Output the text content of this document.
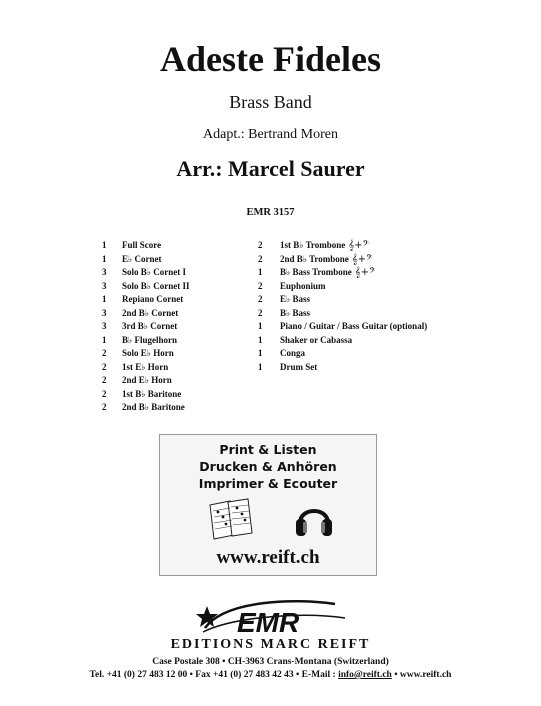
Adeste Fideles
Brass Band
Adapt.: Bertrand Moren
Arr.: Marcel Saurer
EMR 3157
1	Full Score
1	E♭ Cornet
3	Solo B♭ Cornet I
3	Solo B♭ Cornet II
1	Repiano Cornet
3	2nd B♭ Cornet
3	3rd B♭ Cornet
1	B♭ Flugelhorn
2	Solo E♭ Horn
2	1st E♭ Horn
2	2nd E♭ Horn
2	1st B♭ Baritone
2	2nd B♭ Baritone
2	1st B♭ Trombone 𝄞+𝄢
2	2nd B♭ Trombone 𝄞+𝄢
1	B♭ Bass Trombone 𝄞+𝄢
2	Euphonium
2	E♭ Bass
2	B♭ Bass
1	Piano / Guitar / Bass Guitar (optional)
1	Shaker or Cabassa
1	Conga
1	Drum Set
Print & Listen
Drucken & Anhören
Imprimer & Ecouter
www.reift.ch
EMR
EDITIONS MARC REIFT
Case Postale 308 • CH-3963 Crans-Montana (Switzerland)
Tel. +41 (0) 27 483 12 00 • Fax +41 (0) 27 483 42 43 • E-Mail : info@reift.ch • www.reift.ch
